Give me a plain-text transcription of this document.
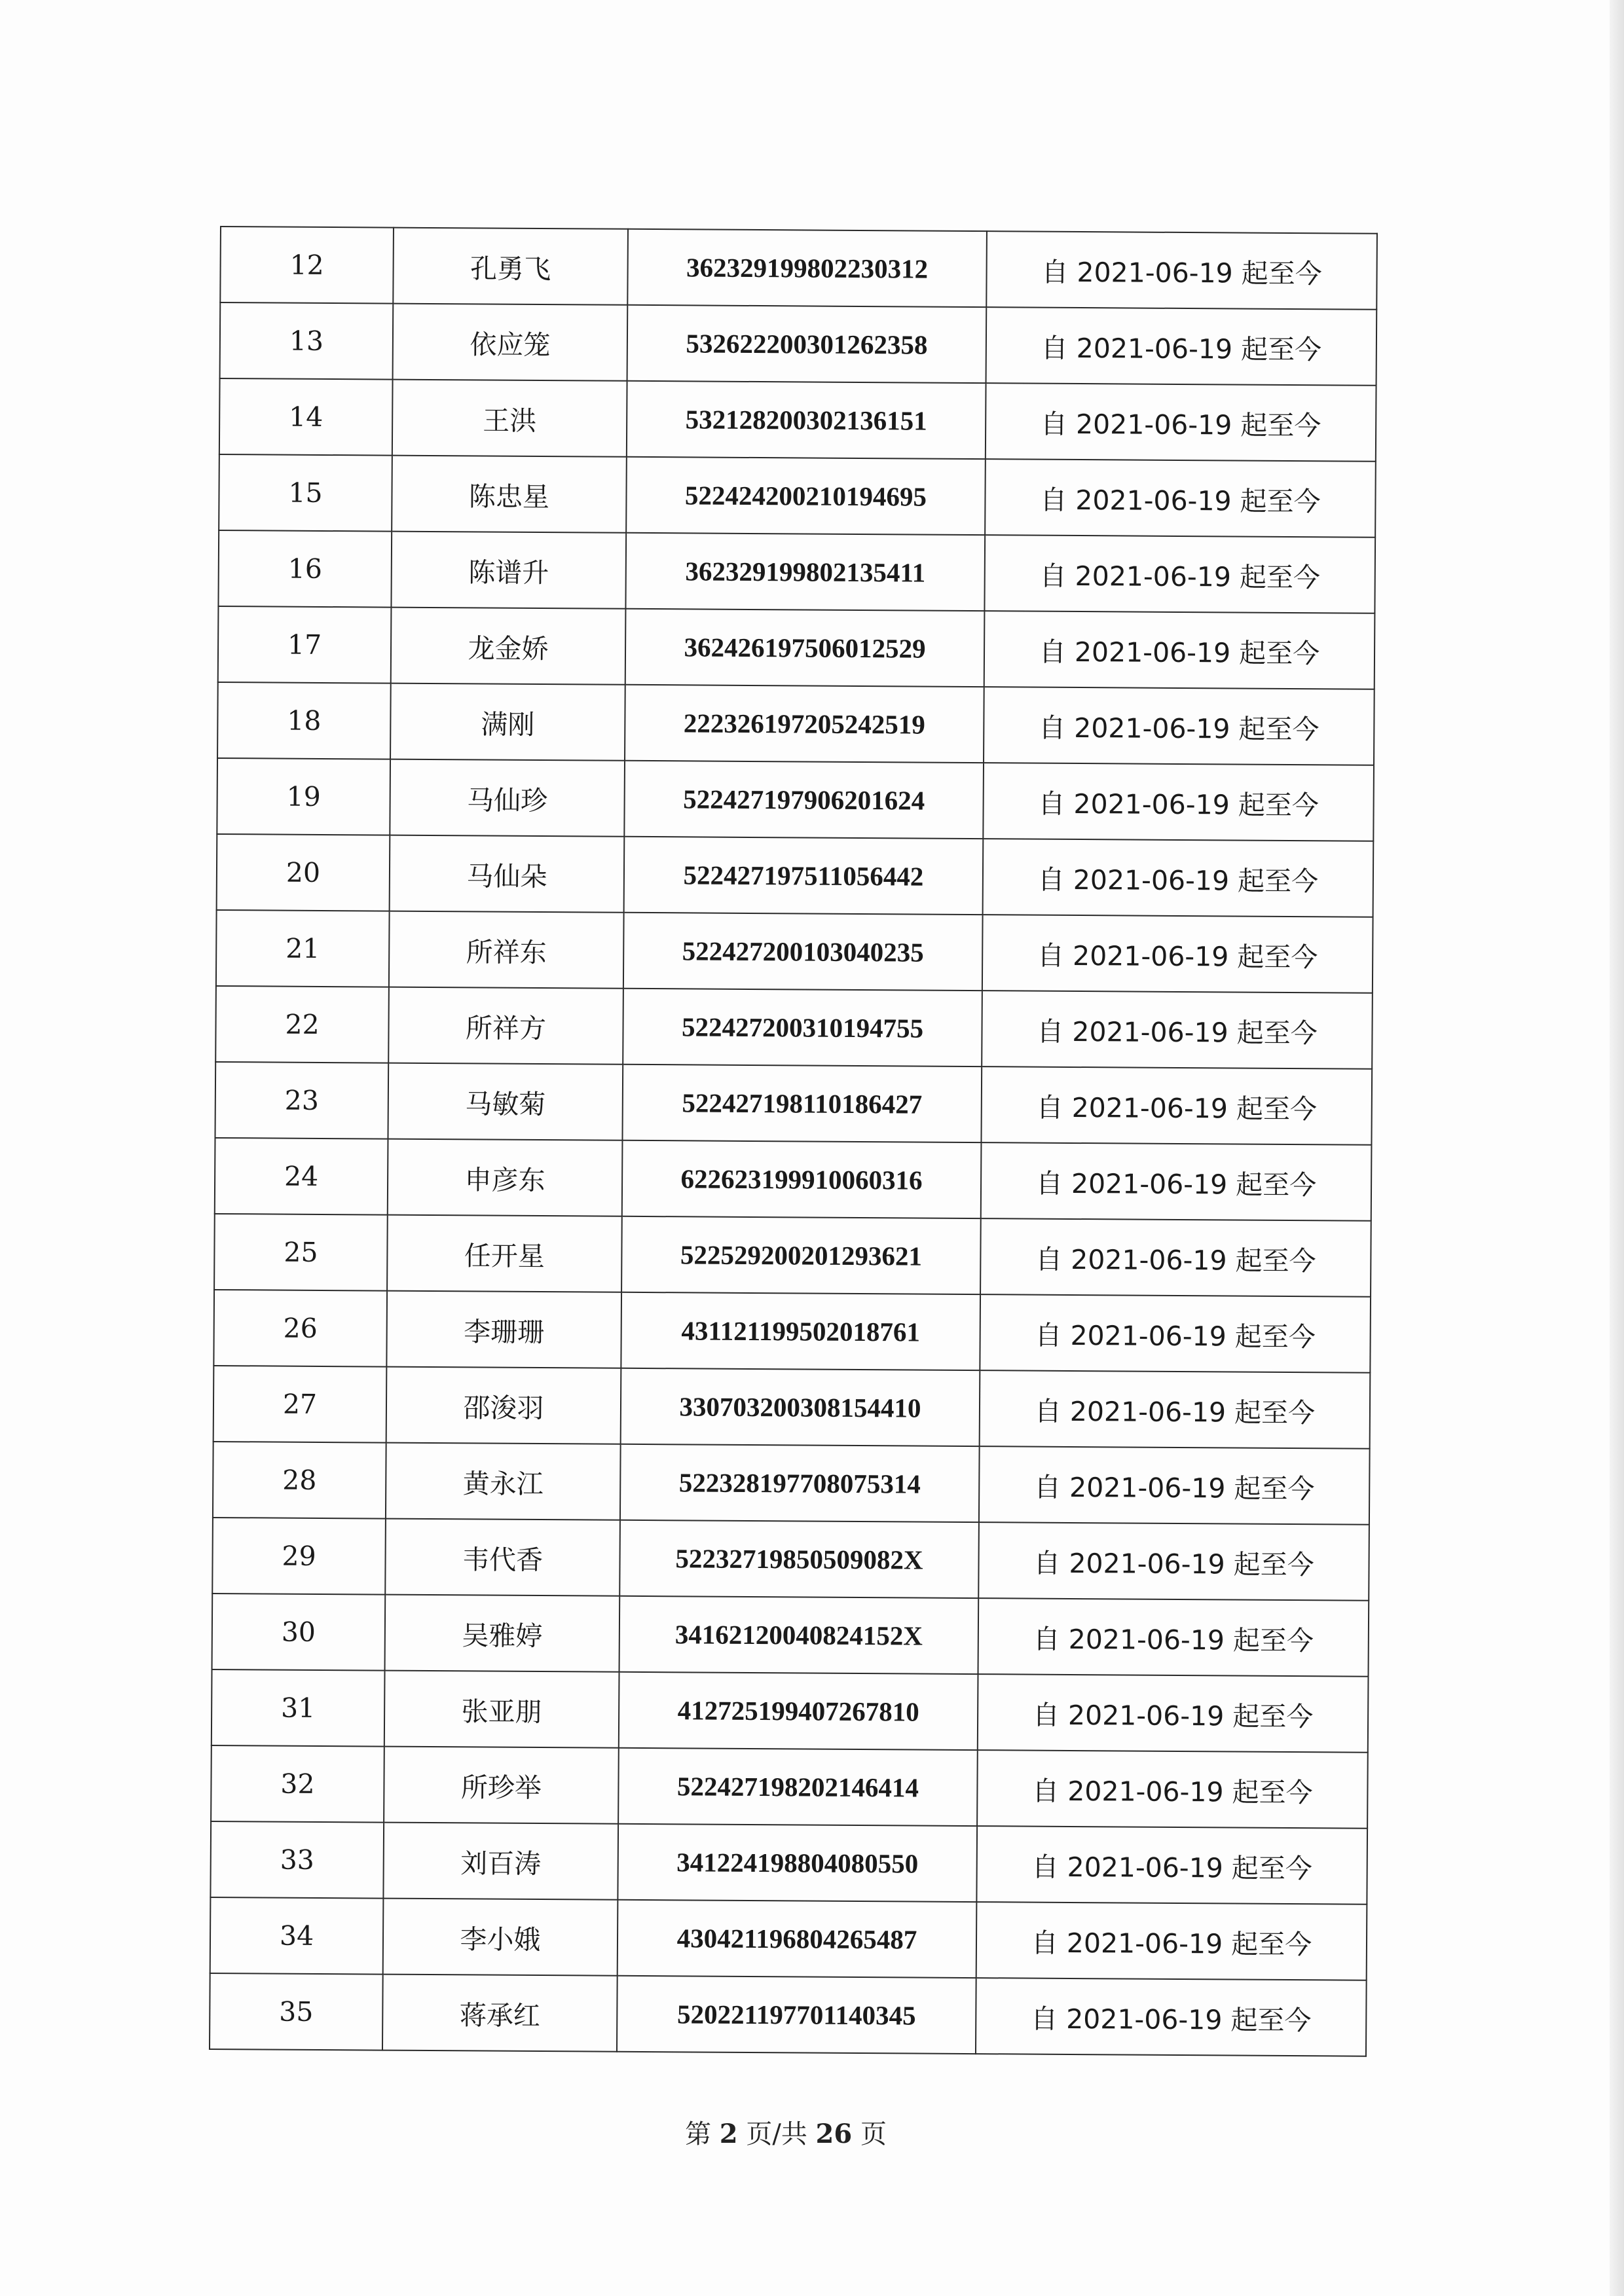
12	孔勇飞	362329199802230312	自 2021-06-19 起至今
13	依应笼	532622200301262358	自 2021-06-19 起至今
14	王洪	532128200302136151	自 2021-06-19 起至今
15	陈忠星	522424200210194695	自 2021-06-19 起至今
16	陈谱升	362329199802135411	自 2021-06-19 起至今
17	龙金娇	362426197506012529	自 2021-06-19 起至今
18	满刚	222326197205242519	自 2021-06-19 起至今
19	马仙珍	522427197906201624	自 2021-06-19 起至今
20	马仙朵	522427197511056442	自 2021-06-19 起至今
21	所祥东	522427200103040235	自 2021-06-19 起至今
22	所祥方	522427200310194755	自 2021-06-19 起至今
23	马敏菊	522427198110186427	自 2021-06-19 起至今
24	申彦东	622623199910060316	自 2021-06-19 起至今
25	任开星	522529200201293621	自 2021-06-19 起至今
26	李珊珊	431121199502018761	自 2021-06-19 起至今
27	邵浚羽	330703200308154410	自 2021-06-19 起至今
28	黄永江	522328197708075314	自 2021-06-19 起至今
29	韦代香	52232719850509082X	自 2021-06-19 起至今
30	吴雅婷	34162120040824152X	自 2021-06-19 起至今
31	张亚朋	412725199407267810	自 2021-06-19 起至今
32	所珍举	522427198202146414	自 2021-06-19 起至今
33	刘百涛	341224198804080550	自 2021-06-19 起至今
34	李小娥	430421196804265487	自 2021-06-19 起至今
35	蒋承红	520221197701140345	自 2021-06-19 起至今
第 2 页/共 26 页
